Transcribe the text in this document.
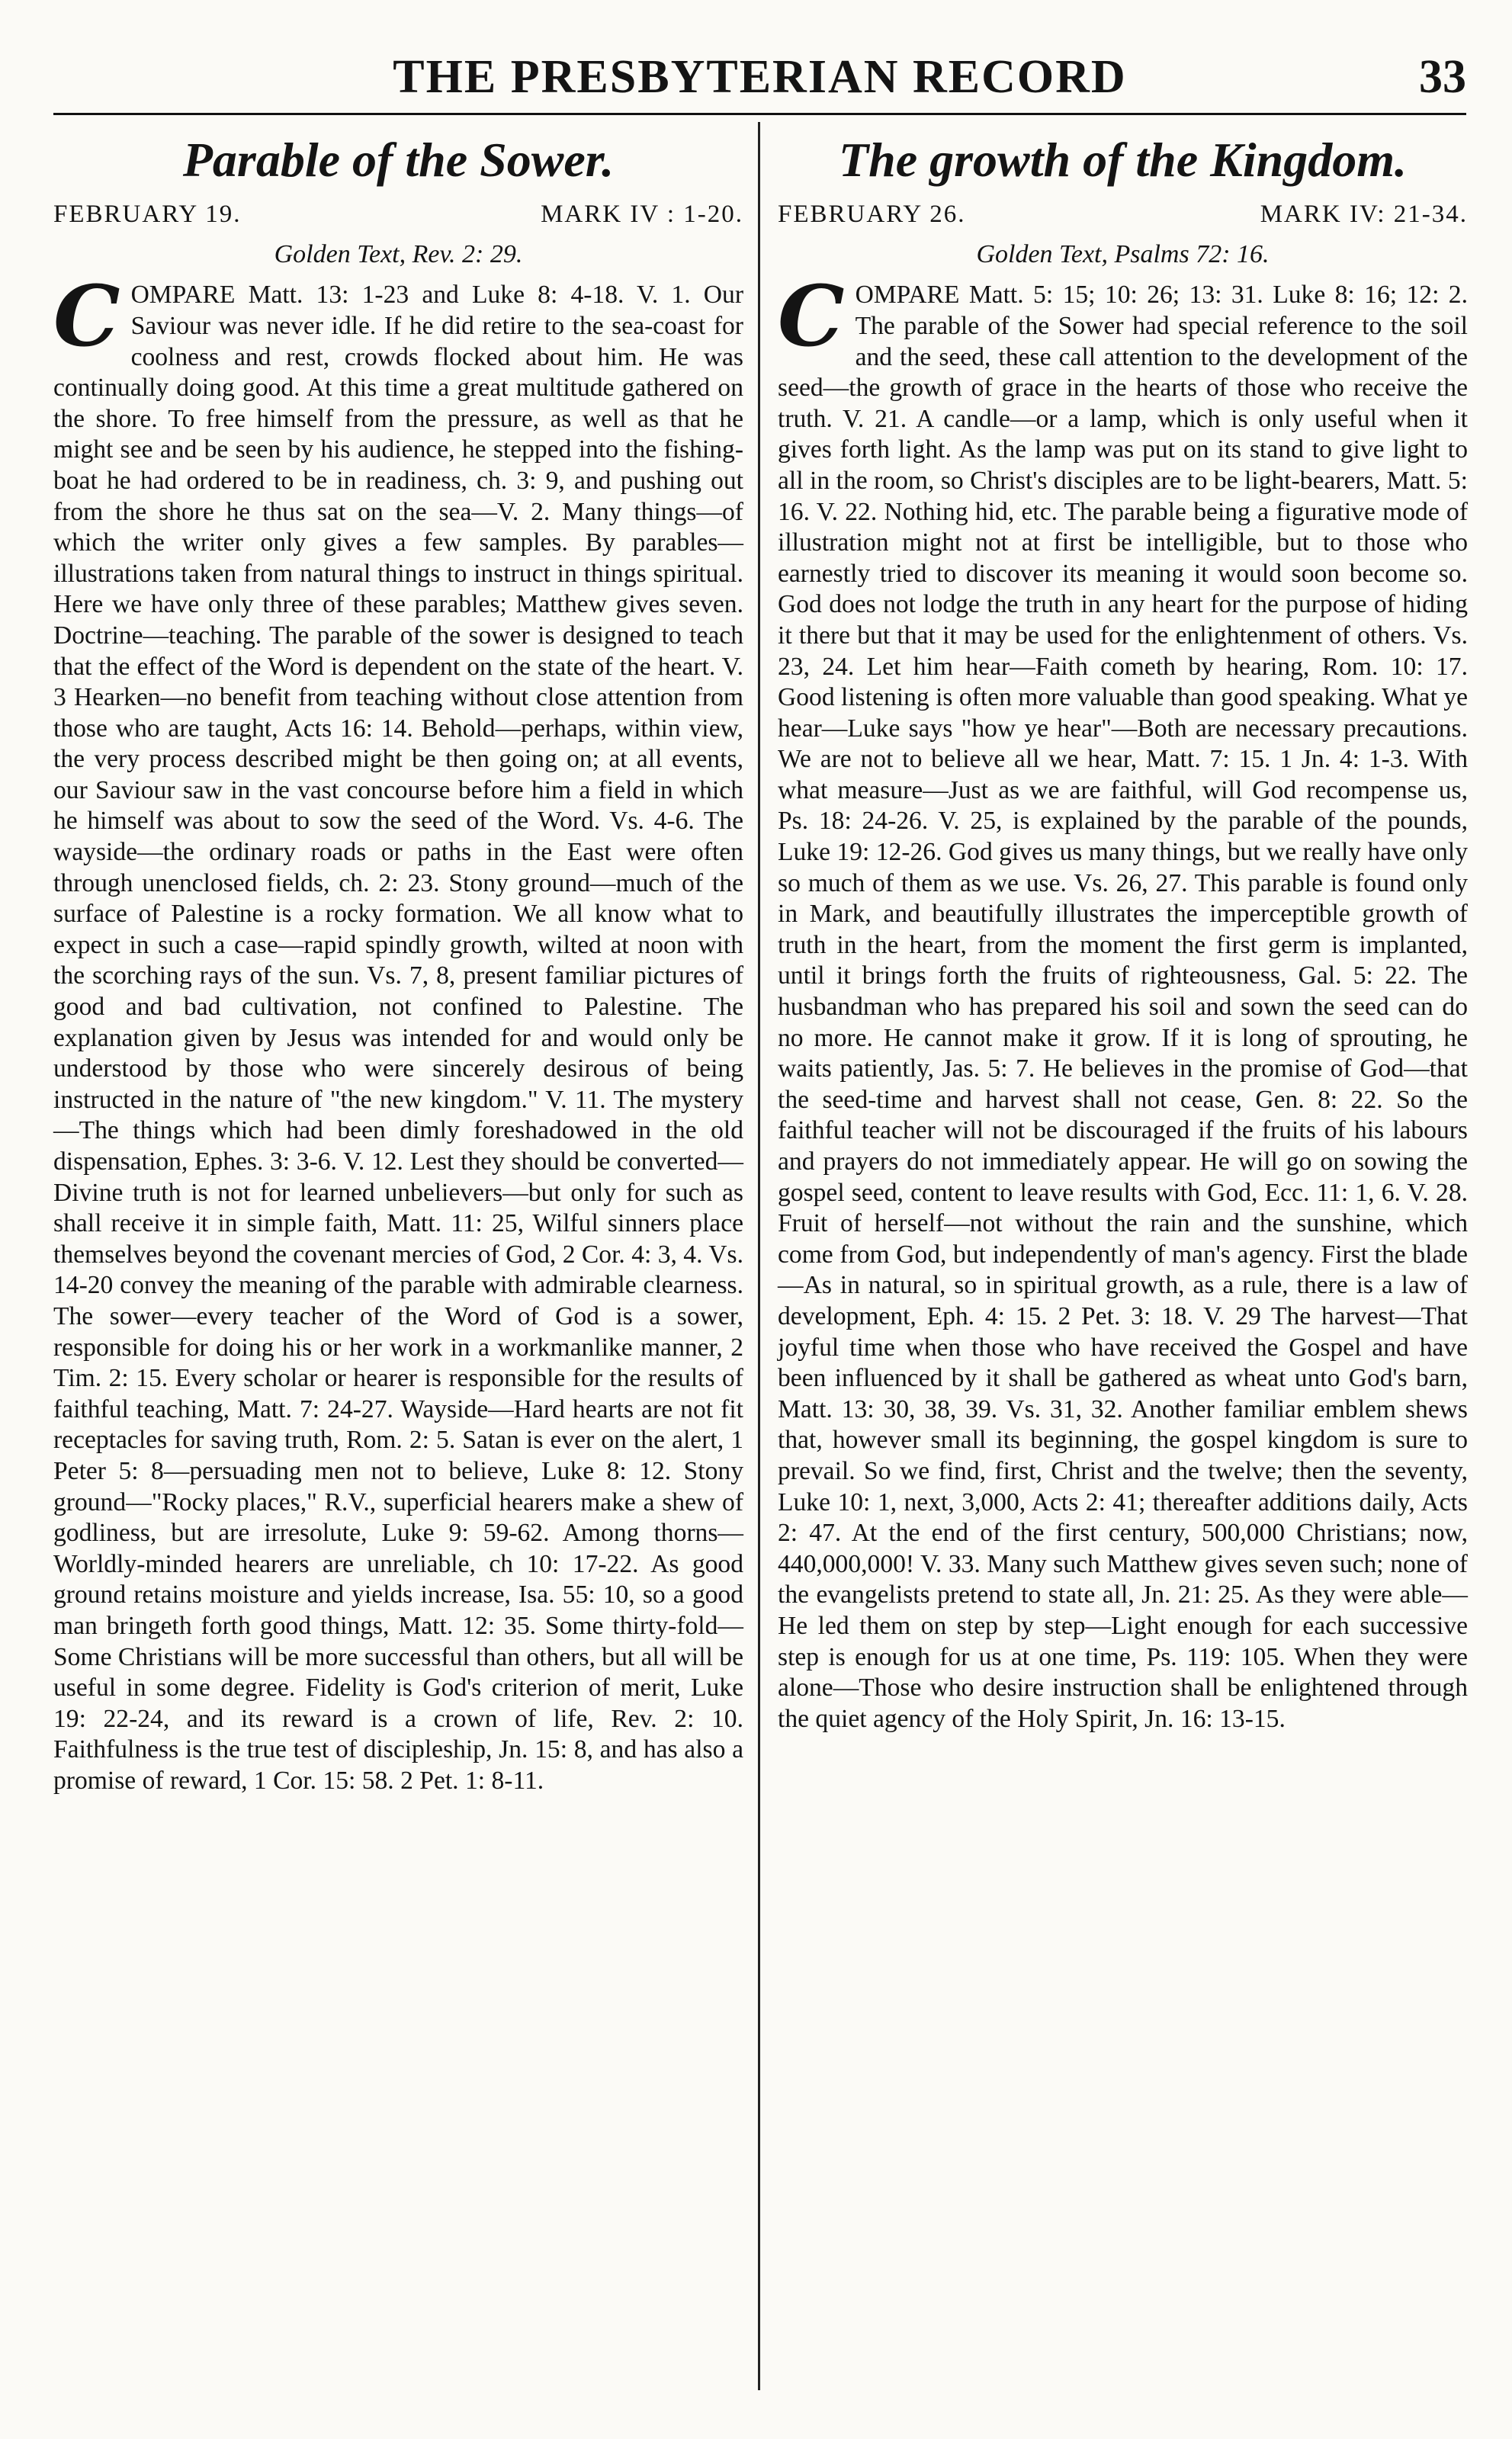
THE PRESBYTERIAN RECORD	33
Parable of the Sower.
FEBRUARY 19.	MARK IV : 1-20.
Golden Text, Rev. 2: 29.

COMPARE Matt. 13: 1-23 and Luke 8: 4-18. V. 1. Our Saviour was never idle. If he did retire to the sea-coast for coolness and rest, crowds flocked about him. He was continually doing good. At this time a great multitude gathered on the shore. To free himself from the pressure, as well as that he might see and be seen by his audience, he stepped into the fishing-boat he had ordered to be in readiness, ch. 3: 9, and pushing out from the shore he thus sat on the sea—V. 2. Many things—of which the writer only gives a few samples. By parables—illustrations taken from natural things to instruct in things spiritual. Here we have only three of these parables; Matthew gives seven. Doctrine—teaching. The parable of the sower is designed to teach that the effect of the Word is dependent on the state of the heart. V. 3 Hearken—no benefit from teaching without close attention from those who are taught, Acts 16: 14. Behold—perhaps, within view, the very process described might be then going on; at all events, our Saviour saw in the vast concourse before him a field in which he himself was about to sow the seed of the Word. Vs. 4-6. The wayside—the ordinary roads or paths in the East were often through unenclosed fields, ch. 2: 23. Stony ground—much of the surface of Palestine is a rocky formation. We all know what to expect in such a case—rapid spindly growth, wilted at noon with the scorching rays of the sun. Vs. 7, 8, present familiar pictures of good and bad cultivation, not confined to Palestine. The explanation given by Jesus was intended for and would only be understood by those who were sincerely desirous of being instructed in the nature of "the new kingdom." V. 11. The mystery—The things which had been dimly foreshadowed in the old dispensation, Ephes. 3: 3-6. V. 12. Lest they should be converted—Divine truth is not for learned unbelievers—but only for such as shall receive it in simple faith, Matt. 11: 25, Wilful sinners place themselves beyond the covenant mercies of God, 2 Cor. 4: 3, 4. Vs. 14-20 convey the meaning of the parable with admirable clearness. The sower—every teacher of the Word of God is a sower, responsible for doing his or her work in a workmanlike manner, 2 Tim. 2: 15. Every scholar or hearer is responsible for the results of faithful teaching, Matt. 7: 24-27. Wayside—Hard hearts are not fit receptacles for saving truth, Rom. 2: 5. Satan is ever on the alert, 1 Peter 5: 8—persuading men not to believe, Luke 8: 12. Stony ground—"Rocky places," R.V., superficial hearers make a shew of godliness, but are irresolute, Luke 9: 59-62. Among thorns—Worldly-minded hearers are unreliable, ch 10: 17-22. As good ground retains moisture and yields increase, Isa. 55: 10, so a good man bringeth forth good things, Matt. 12: 35. Some thirty-fold—Some Christians will be more successful than others, but all will be useful in some degree. Fidelity is God's criterion of merit, Luke 19: 22-24, and its reward is a crown of life, Rev. 2: 10. Faithfulness is the true test of discipleship, Jn. 15: 8, and has also a promise of reward, 1 Cor. 15: 58. 2 Pet. 1: 8-11.

The growth of the Kingdom.
FEBRUARY 26.	MARK IV: 21-34.
Golden Text, Psalms 72: 16.

COMPARE Matt. 5: 15; 10: 26; 13: 31. Luke 8: 16; 12: 2. The parable of the Sower had special reference to the soil and the seed, these call attention to the development of the seed—the growth of grace in the hearts of those who receive the truth. V. 21. A candle—or a lamp, which is only useful when it gives forth light. As the lamp was put on its stand to give light to all in the room, so Christ's disciples are to be light-bearers, Matt. 5: 16. V. 22. Nothing hid, etc. The parable being a figurative mode of illustration might not at first be intelligible, but to those who earnestly tried to discover its meaning it would soon become so. God does not lodge the truth in any heart for the purpose of hiding it there but that it may be used for the enlightenment of others. Vs. 23, 24. Let him hear—Faith cometh by hearing, Rom. 10: 17. Good listening is often more valuable than good speaking. What ye hear—Luke says "how ye hear"—Both are necessary precautions. We are not to believe all we hear, Matt. 7: 15. 1 Jn. 4: 1-3. With what measure—Just as we are faithful, will God recompense us, Ps. 18: 24-26. V. 25, is explained by the parable of the pounds, Luke 19: 12-26. God gives us many things, but we really have only so much of them as we use. Vs. 26, 27. This parable is found only in Mark, and beautifully illustrates the imperceptible growth of truth in the heart, from the moment the first germ is implanted, until it brings forth the fruits of righteousness, Gal. 5: 22. The husbandman who has prepared his soil and sown the seed can do no more. He cannot make it grow. If it is long of sprouting, he waits patiently, Jas. 5: 7. He believes in the promise of God—that the seed-time and harvest shall not cease, Gen. 8: 22. So the faithful teacher will not be discouraged if the fruits of his labours and prayers do not immediately appear. He will go on sowing the gospel seed, content to leave results with God, Ecc. 11: 1, 6. V. 28. Fruit of herself—not without the rain and the sunshine, which come from God, but independently of man's agency. First the blade—As in natural, so in spiritual growth, as a rule, there is a law of development, Eph. 4: 15. 2 Pet. 3: 18. V. 29 The harvest—That joyful time when those who have received the Gospel and have been influenced by it shall be gathered as wheat unto God's barn, Matt. 13: 30, 38, 39. Vs. 31, 32. Another familiar emblem shews that, however small its beginning, the gospel kingdom is sure to prevail. So we find, first, Christ and the twelve; then the seventy, Luke 10: 1, next, 3,000, Acts 2: 41; thereafter additions daily, Acts 2: 47. At the end of the first century, 500,000 Christians; now, 440,000,000! V. 33. Many such Matthew gives seven such; none of the evangelists pretend to state all, Jn. 21: 25. As they were able—He led them on step by step—Light enough for each successive step is enough for us at one time, Ps. 119: 105. When they were alone—Those who desire instruction shall be enlightened through the quiet agency of the Holy Spirit, Jn. 16: 13-15.
